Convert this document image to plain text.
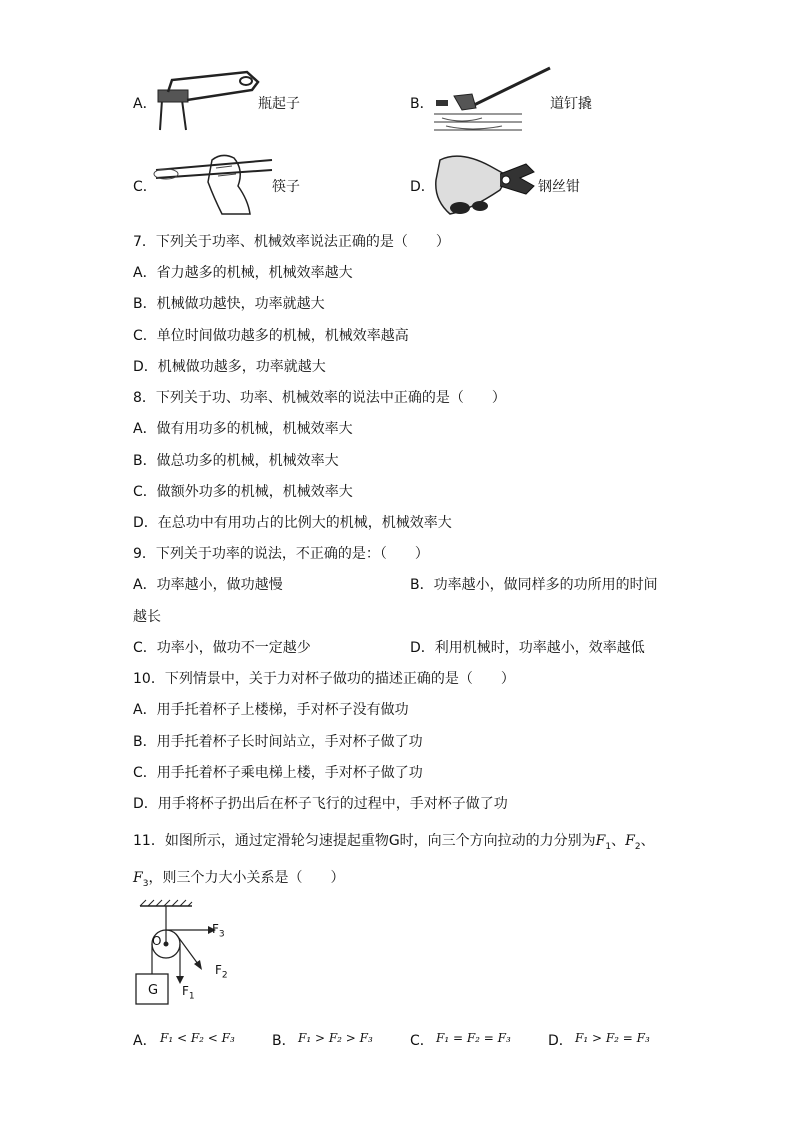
A．	瓶起子	B．	道钉撬
C．	筷子	D．	钢丝钳
7．下列关于功率、机械效率说法正确的是（　　）
A．省力越多的机械，机械效率越大
B．机械做功越快，功率就越大
C．单位时间做功越多的机械，机械效率越高
D．机械做功越多，功率就越大
8．下列关于功、功率、机械效率的说法中正确的是（　　）
A．做有用功多的机械，机械效率大
B．做总功多的机械，机械效率大
C．做额外功多的机械，机械效率大
D．在总功中有用功占的比例大的机械，机械效率大
9．下列关于功率的说法，不正确的是：（　　）
A．功率越小，做功越慢	B．功率越小，做同样多的功所用的时间
越长
C．功率小，做功不一定越少	D．利用机械时，功率越小，效率越低
10．下列情景中，关于力对杯子做功的描述正确的是（　　）
A．用手托着杯子上楼梯，手对杯子没有做功
B．用手托着杯子长时间站立，手对杯子做了功
C．用手托着杯子乘电梯上楼，手对杯子做了功
D．用手将杯子扔出后在杯子飞行的过程中，手对杯子做了功
11．如图所示，通过定滑轮匀速提起重物G时，向三个方向拉动的力分别为$F_1$、$F_2$、
$F_3$，则三个力大小关系是（　　）
O
G
$F_3$
$F_2$
$F_1$
A． F₁ < F₂ < F₃	B． F₁ > F₂ > F₃	C． F₁ = F₂ = F₃	D． F₁ > F₂ = F₃
